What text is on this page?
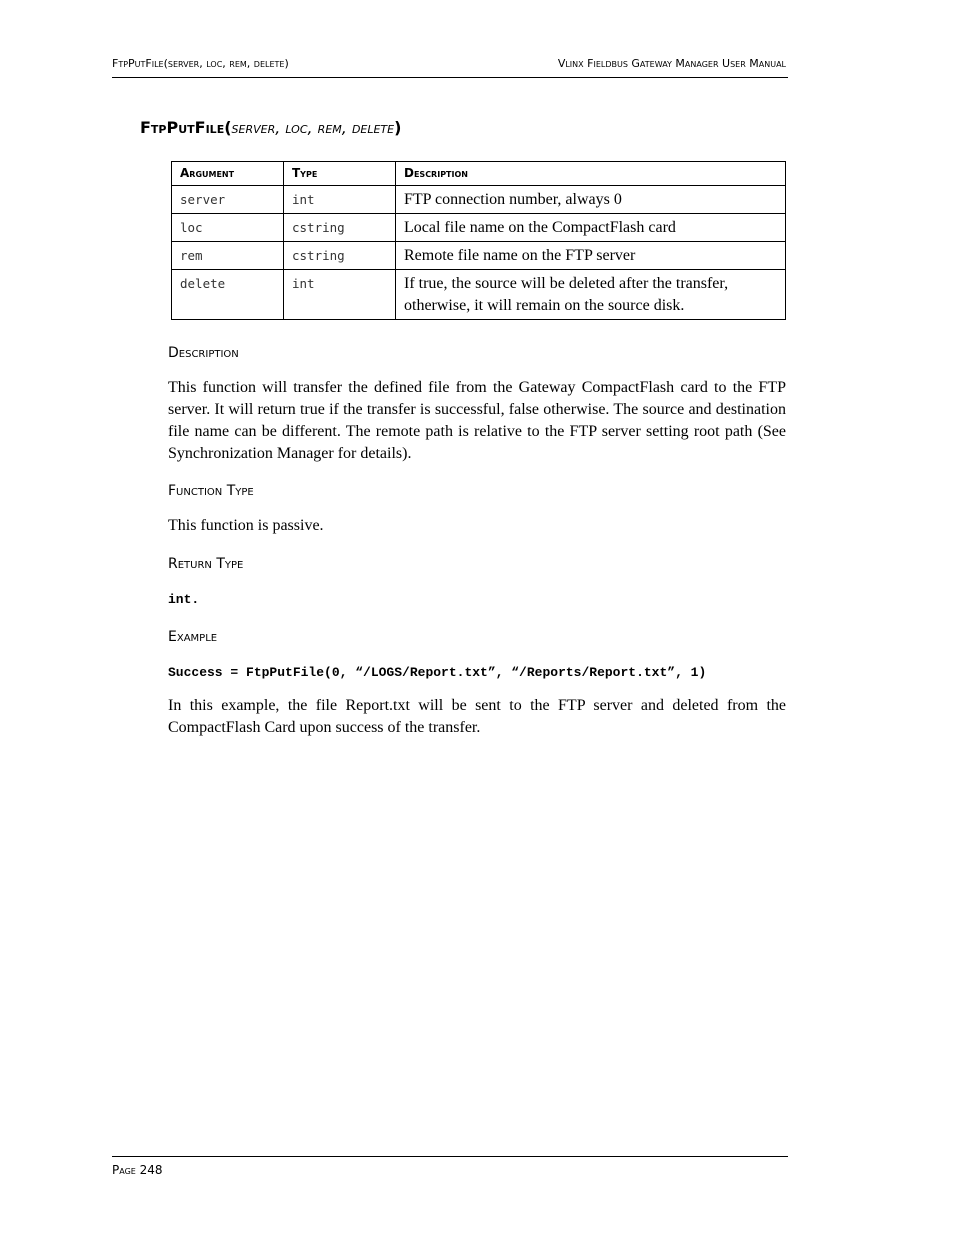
FtpPutFile(server, loc, rem, delete)	Vlinx Fieldbus Gateway Manager User Manual
FtpPutFile(server, loc, rem, delete)
Argument	Type	Description
server	int	FTP connection number, always 0
loc	cstring	Local file name on the CompactFlash card
rem	cstring	Remote file name on the FTP server
delete	int	If true, the source will be deleted after the transfer, otherwise, it will remain on the source disk.
Description
This function will transfer the defined file from the Gateway CompactFlash card to the FTP server. It will return true if the transfer is successful, false otherwise. The source and destination file name can be different. The remote path is relative to the FTP server setting root path (See Synchronization Manager for details).
Function Type
This function is passive.
Return Type
int.
Example
Success = FtpPutFile(0, “/LOGS/Report.txt”, “/Reports/Report.txt”, 1)
In this example, the file Report.txt will be sent to the FTP server and deleted from the CompactFlash Card upon success of the transfer.
Page 248
